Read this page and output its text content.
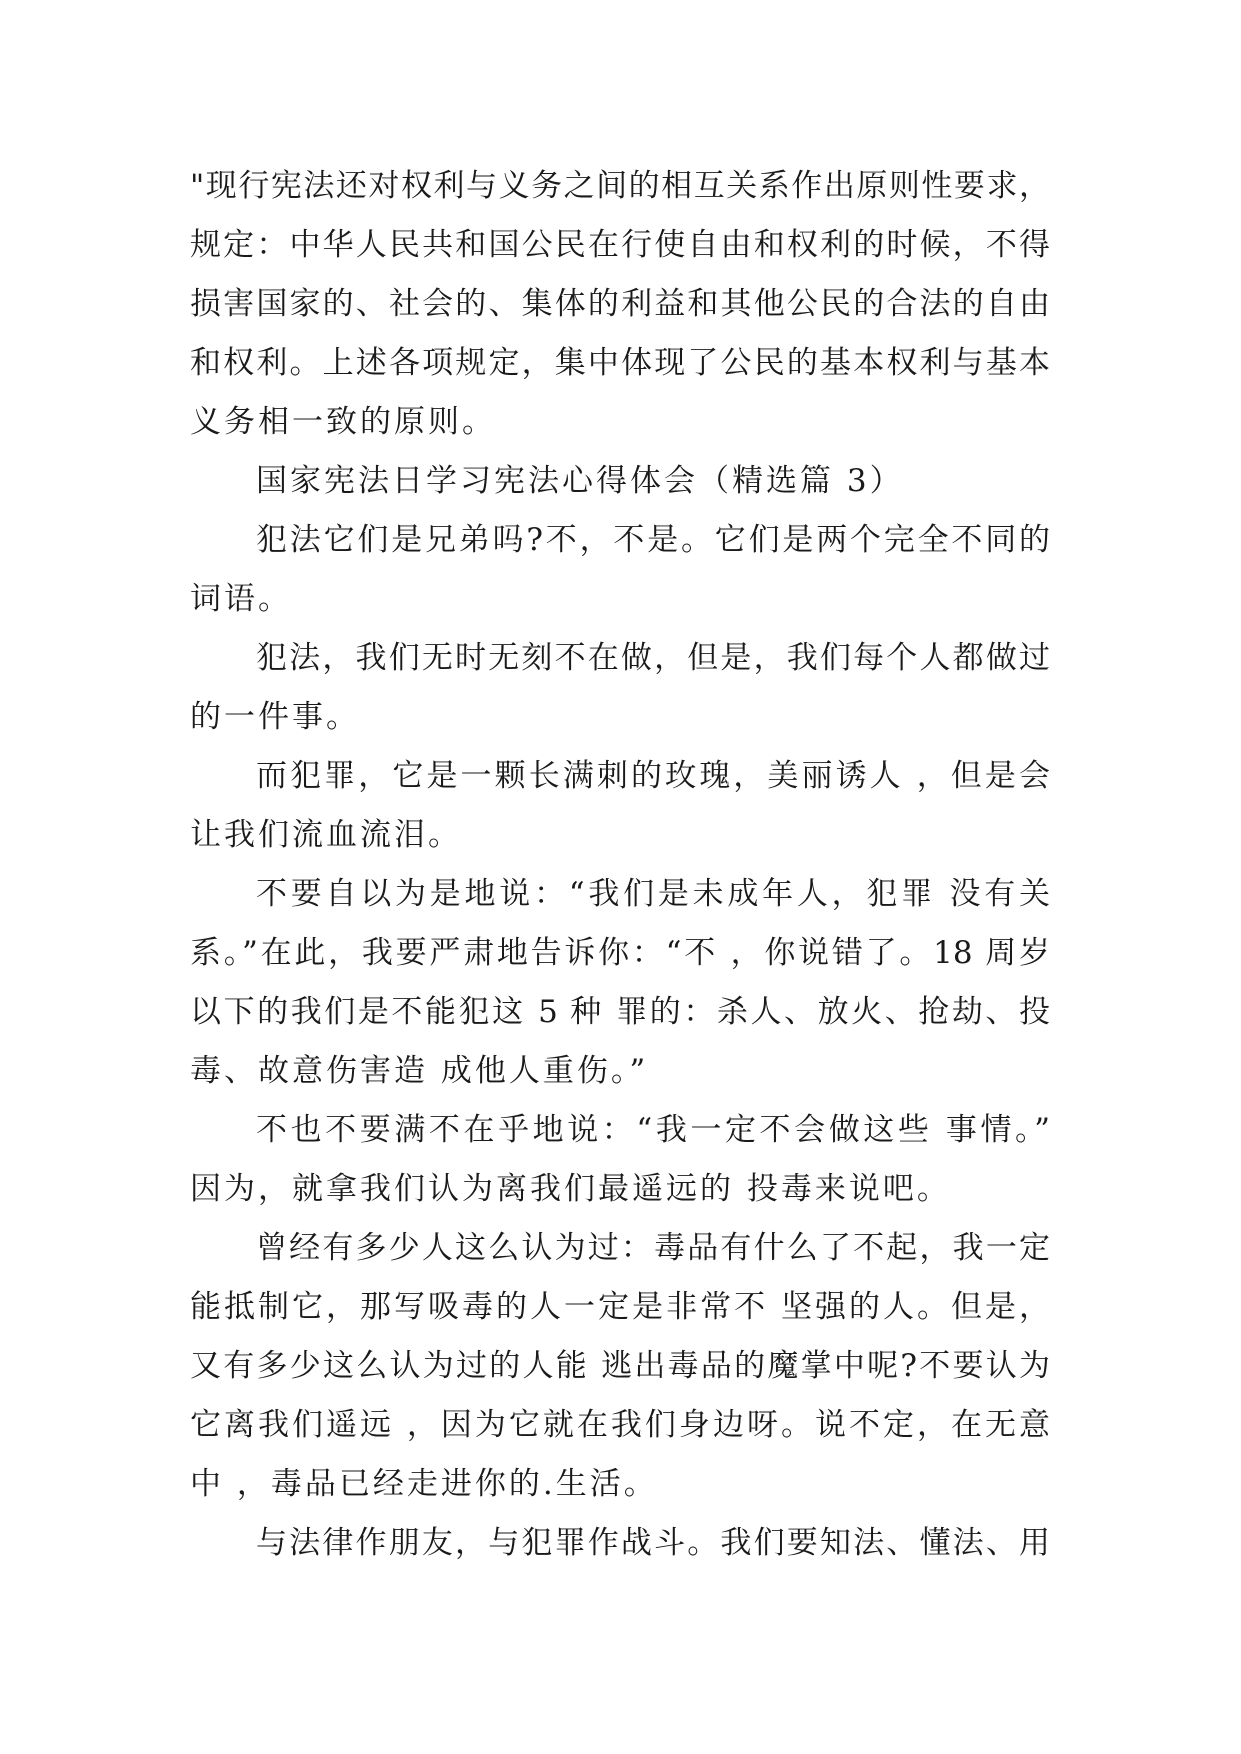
"现行宪法还对权利与义务之间的相互关系作出原则性要求，
规定：中华人民共和国公民在行使自由和权利的时候，不得
损害国家的、社会的、集体的利益和其他公民的合法的自由
和权利。上述各项规定，集中体现了公民的基本权利与基本
义务相一致的原则。
国家宪法日学习宪法心得体会（精选篇 3）
犯法它们是兄弟吗?不，不是。它们是两个完全不同的
词语。
犯法，我们无时无刻不在做，但是，我们每个人都做过
的一件事。
而犯罪，它是一颗长满刺的玫瑰，美丽诱人 ，但是会
让我们流血流泪。
不要自以为是地说：“我们是未成年人，犯罪 没有关
系。”在此，我要严肃地告诉你：“不 ，你说错了。18 周岁
以下的我们是不能犯这 5 种 罪的：杀人、放火、抢劫、投
毒、故意伤害造 成他人重伤。”
不也不要满不在乎地说：“我一定不会做这些 事情。”
因为，就拿我们认为离我们最遥远的 投毒来说吧。
曾经有多少人这么认为过：毒品有什么了不起，我一定
能抵制它，那写吸毒的人一定是非常不 坚强的人。但是，
又有多少这么认为过的人能 逃出毒品的魔掌中呢?不要认为
它离我们遥远 ，因为它就在我们身边呀。说不定，在无意
中 ，毒品已经走进你的.生活。
与法律作朋友，与犯罪作战斗。我们要知法、懂法、用
